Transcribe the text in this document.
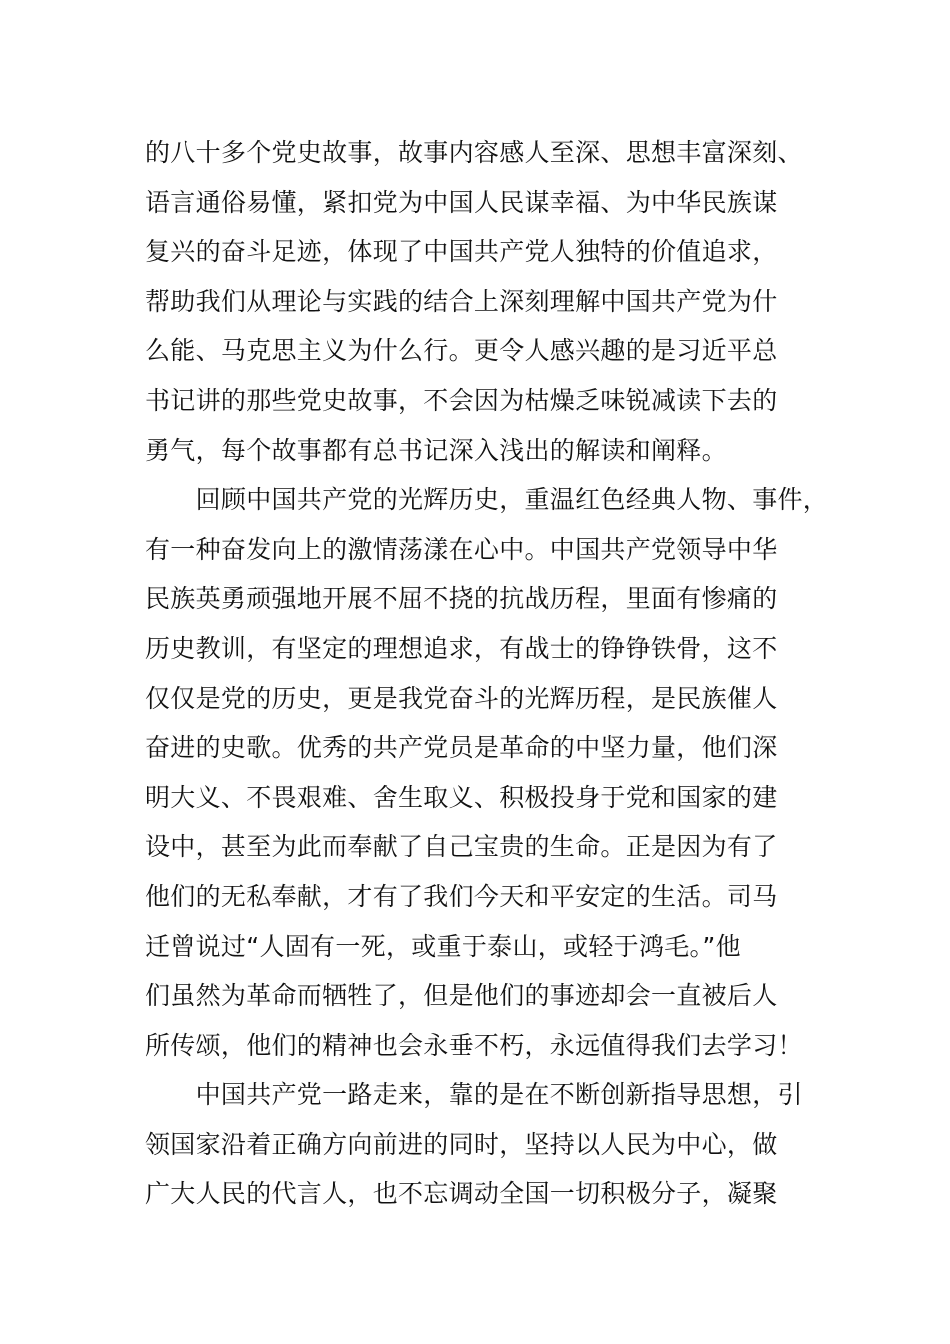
的八十多个党史故事，故事内容感人至深、思想丰富深刻、
语言通俗易懂，紧扣党为中国人民谋幸福、为中华民族谋
复兴的奋斗足迹，体现了中国共产党人独特的价值追求，
帮助我们从理论与实践的结合上深刻理解中国共产党为什
么能、马克思主义为什么行。更令人感兴趣的是习近平总
书记讲的那些党史故事，不会因为枯燥乏味锐减读下去的
勇气，每个故事都有总书记深入浅出的解读和阐释。
　　回顾中国共产党的光辉历史，重温红色经典人物、事件，
有一种奋发向上的激情荡漾在心中。中国共产党领导中华
民族英勇顽强地开展不屈不挠的抗战历程，里面有惨痛的
历史教训，有坚定的理想追求，有战士的铮铮铁骨，这不
仅仅是党的历史，更是我党奋斗的光辉历程，是民族催人
奋进的史歌。优秀的共产党员是革命的中坚力量，他们深
明大义、不畏艰难、舍生取义、积极投身于党和国家的建
设中，甚至为此而奉献了自己宝贵的生命。正是因为有了
他们的无私奉献，才有了我们今天和平安定的生活。司马
迁曾说过“人固有一死，或重于泰山，或轻于鸿毛。”他
们虽然为革命而牺牲了，但是他们的事迹却会一直被后人
所传颂，他们的精神也会永垂不朽，永远值得我们去学习！
　　中国共产党一路走来，靠的是在不断创新指导思想，引
领国家沿着正确方向前进的同时，坚持以人民为中心，做
广大人民的代言人，也不忘调动全国一切积极分子，凝聚
